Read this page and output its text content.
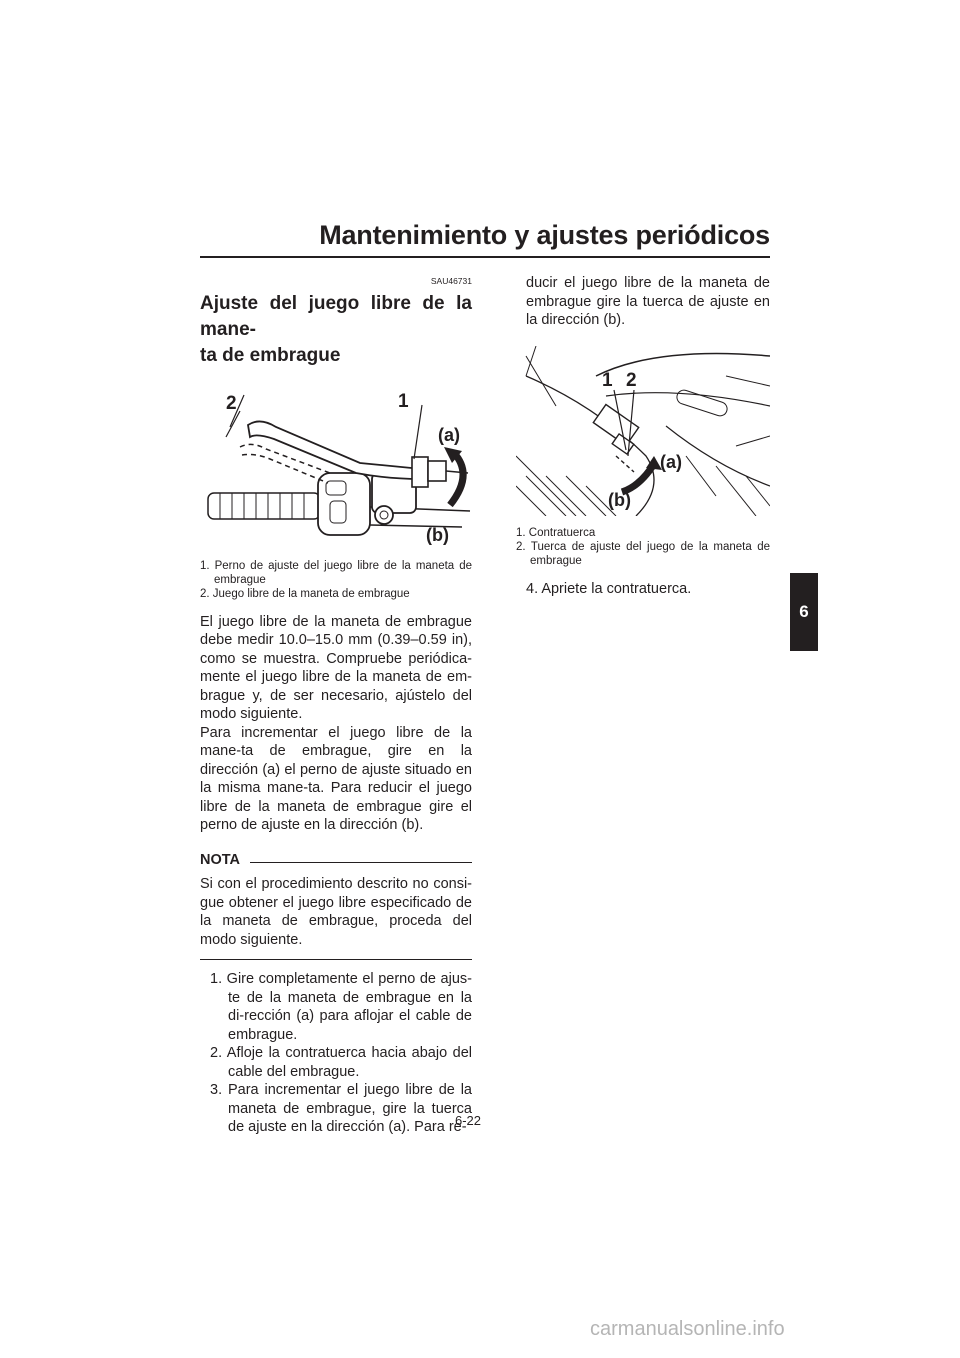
Mantenimiento y ajustes periódicos
6
SAU46731
Ajuste del juego libre de la mane-
ta de embrague
2	1
(a)
(b)
1. Perno de ajuste del juego libre de la maneta de embrague
2. Juego libre de la maneta de embrague

El juego libre de la maneta de embrague debe medir 10.0–15.0 mm (0.39–0.59 in), como se muestra. Compruebe periódica-mente el juego libre de la maneta de em-brague y, de ser necesario, ajústelo del modo siguiente.

Para incrementar el juego libre de la mane-ta de embrague, gire en la dirección (a) el perno de ajuste situado en la misma mane-ta. Para reducir el juego libre de la maneta de embrague gire el perno de ajuste en la dirección (b).

NOTA

Si con el procedimiento descrito no consi-gue obtener el juego libre especificado de la maneta de embrague, proceda del modo siguiente.

1. Gire completamente el perno de ajus-te de la maneta de embrague en la di-rección (a) para aflojar el cable de embrague.
2. Afloje la contratuerca hacia abajo del cable del embrague.
3. Para incrementar el juego libre de la maneta de embrague, gire la tuerca de ajuste en la dirección (a). Para re-

ducir el juego libre de la maneta de embrague gire la tuerca de ajuste en la dirección (b).

1 2
(a)
(b)
1. Contratuerca
2. Tuerca de ajuste del juego de la maneta de embrague
4. Apriete la contratuerca.
6-22
carmanualsonline.info
